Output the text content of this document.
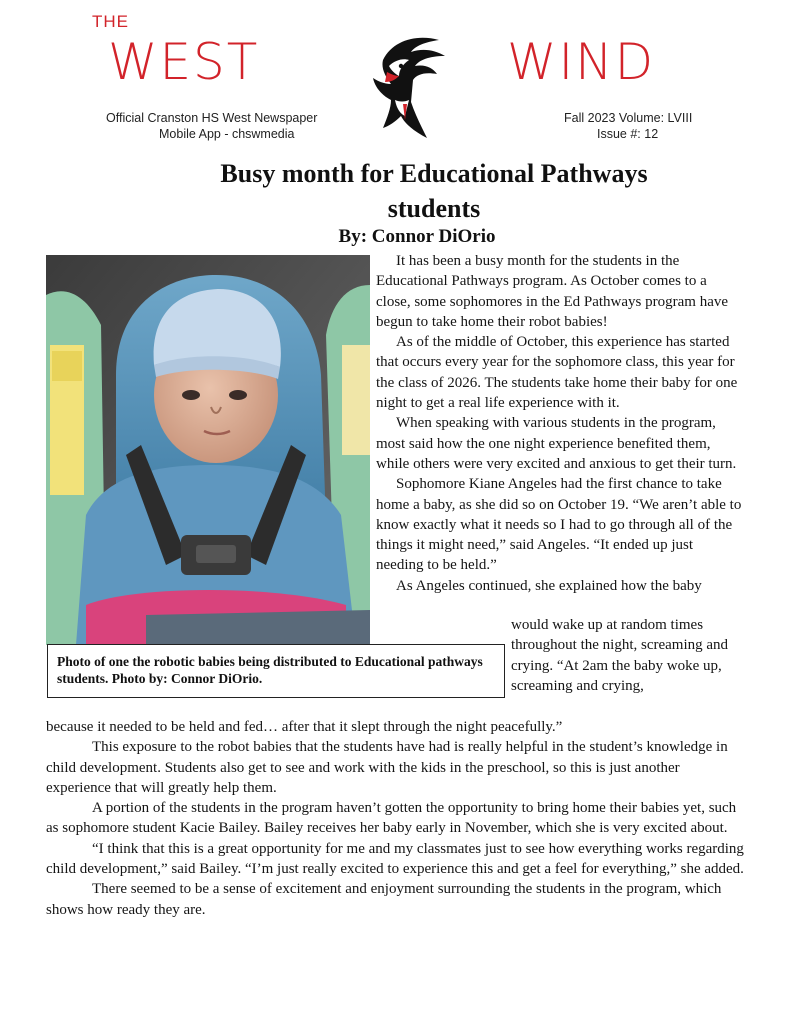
THE
WEST	WIND
Official Cranston HS West Newspaper
Mobile App - chswmedia
Fall 2023 Volume: LVIII
Issue #: 12
Busy month for Educational Pathways
students
By: Connor DiOrio
Photo of one the robotic babies being distributed to Educational pathways students. Photo by: Connor DiOrio.

It has been a busy month for the students in the Educational Pathways program. As October comes to a close, some sophomores in the Ed Pathways program have begun to take home their robot babies!

As of the middle of October, this experience has started that occurs every year for the sophomore class, this year for the class of 2026. The students take home their baby for one night to get a real life experience with it.

When speaking with various students in the program, most said how the one night experience benefited them, while others were very excited and anxious to get their turn.

Sophomore Kiane Angeles had the first chance to take home a baby, as she did so on October 19. “We aren’t able to know exactly what it needs so I had to go through all of the things it might need,” said Angeles. “It ended up just needing to be held.”

As Angeles continued, she explained how the baby

would wake up at random times throughout the night, screaming and crying. “At 2am the baby woke up, screaming and crying,

because it needed to be held and fed… after that it slept through the night peacefully.”

This exposure to the robot babies that the students have had is really helpful in the student’s knowledge in child development. Students also get to see and work with the kids in the preschool, so this is just another experience that will greatly help them.

A portion of the students in the program haven’t gotten the opportunity to bring home their babies yet, such as sophomore student Kacie Bailey. Bailey receives her baby early in November, which she is very excited about.

“I think that this is a great opportunity for me and my classmates just to see how everything works regarding child development,” said Bailey. “I’m just really excited to experience this and get a feel for everything,” she added.

There seemed to be a sense of excitement and enjoyment surrounding the students in the program, which shows how ready they are.
